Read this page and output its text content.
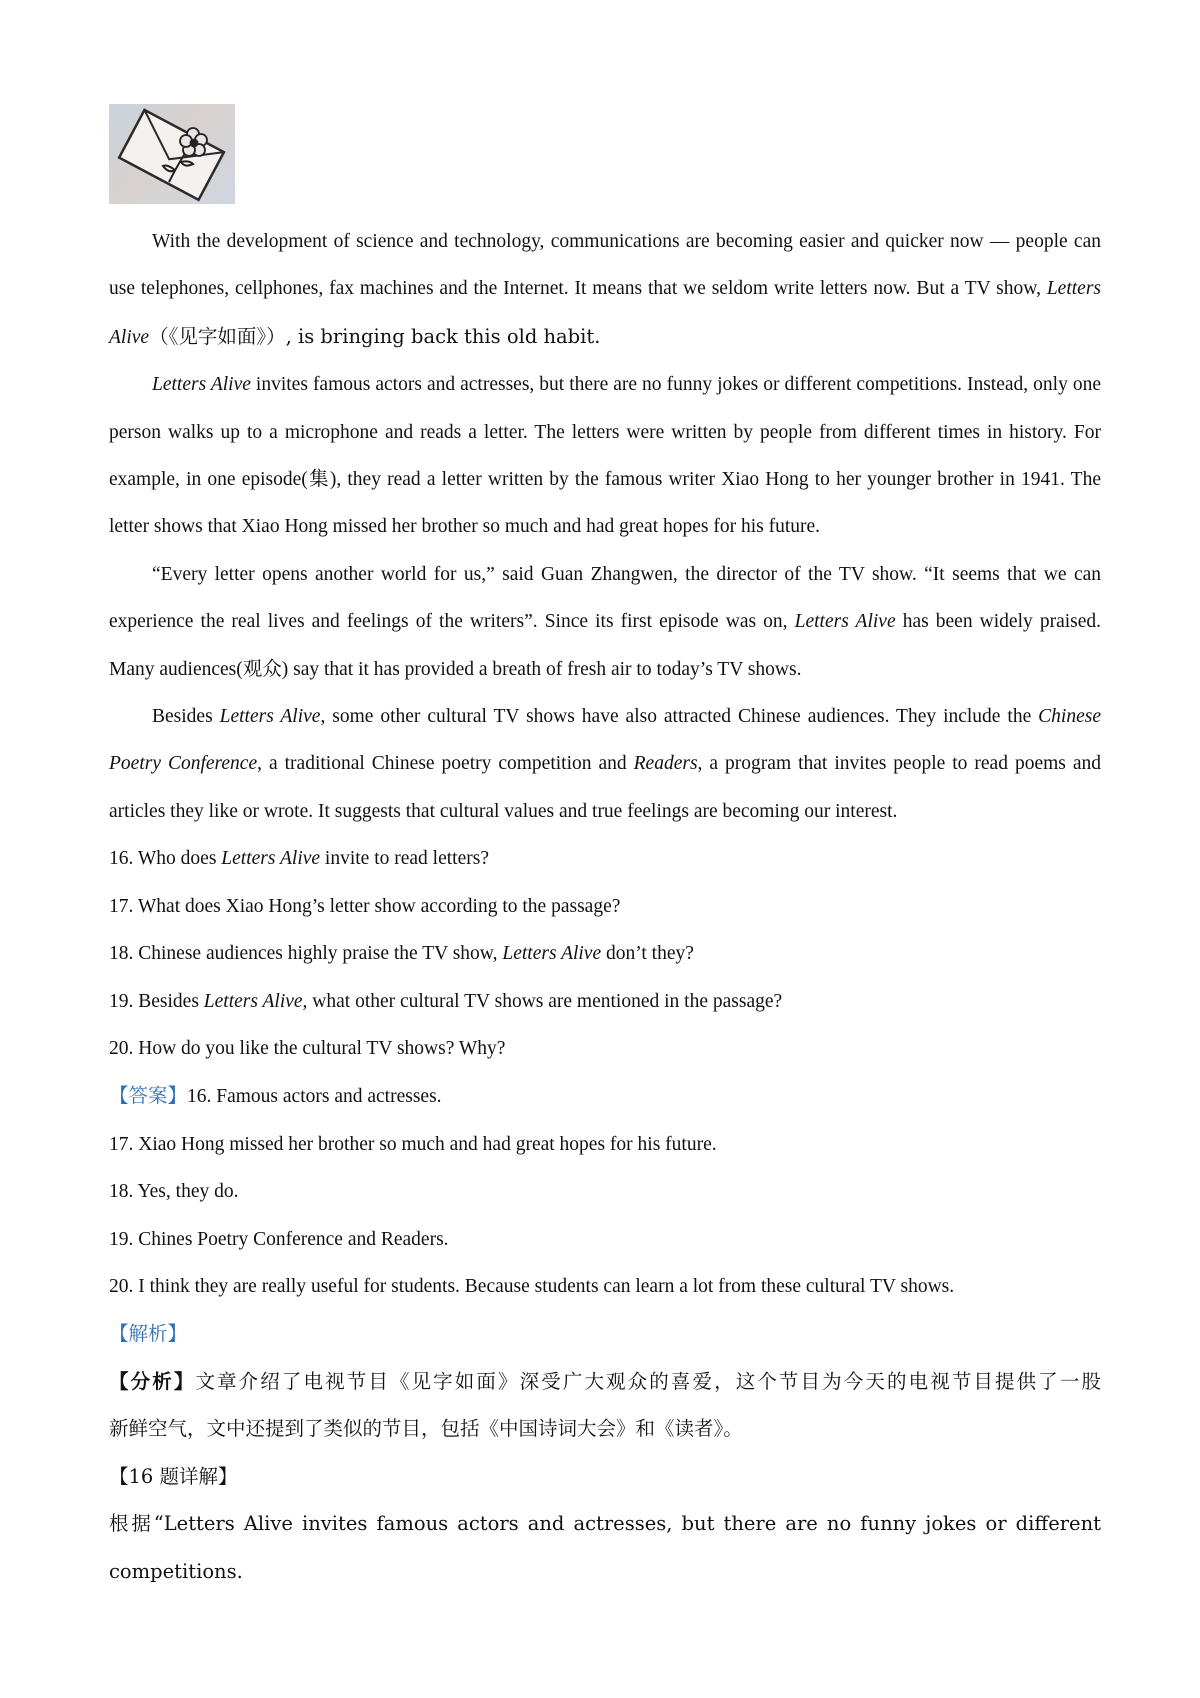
With the development of science and technology, communications are becoming easier and quicker now — people can use telephones, cellphones, fax machines and the Internet. It means that we seldom write letters now. But a TV show, Letters Alive（《见字如面》）, is bringing back this old habit.

Letters Alive invites famous actors and actresses, but there are no funny jokes or different competitions. Instead, only one person walks up to a microphone and reads a letter. The letters were written by people from different times in history. For example, in one episode(集), they read a letter written by the famous writer Xiao Hong to her younger brother in 1941. The letter shows that Xiao Hong missed her brother so much and had great hopes for his future.

“Every letter opens another world for us,” said Guan Zhangwen, the director of the TV show. “It seems that we can experience the real lives and feelings of the writers”. Since its first episode was on, Letters Alive has been widely praised. Many audiences(观众) say that it has provided a breath of fresh air to today’s TV shows.

Besides Letters Alive, some other cultural TV shows have also attracted Chinese audiences. They include the Chinese Poetry Conference, a traditional Chinese poetry competition and Readers, a program that invites people to read poems and articles they like or wrote. It suggests that cultural values and true feelings are becoming our interest.

16. Who does Letters Alive invite to read letters?

17. What does Xiao Hong’s letter show according to the passage?

18. Chinese audiences highly praise the TV show, Letters Alive don’t they?

19. Besides Letters Alive, what other cultural TV shows are mentioned in the passage?

20. How do you like the cultural TV shows? Why?

【答案】16. Famous actors and actresses.

17. Xiao Hong missed her brother so much and had great hopes for his future.

18. Yes, they do.

19. Chines Poetry Conference and Readers.

20. I think they are really useful for students. Because students can learn a lot from these cultural TV shows.

【解析】

【分析】文章介绍了电视节目《见字如面》深受广大观众的喜爱，这个节目为今天的电视节目提供了一股

新鲜空气，文中还提到了类似的节目，包括《中国诗词大会》和《读者》。

【16 题详解】

根据“Letters Alive invites famous actors and actresses, but there are no funny jokes or different competitions.
